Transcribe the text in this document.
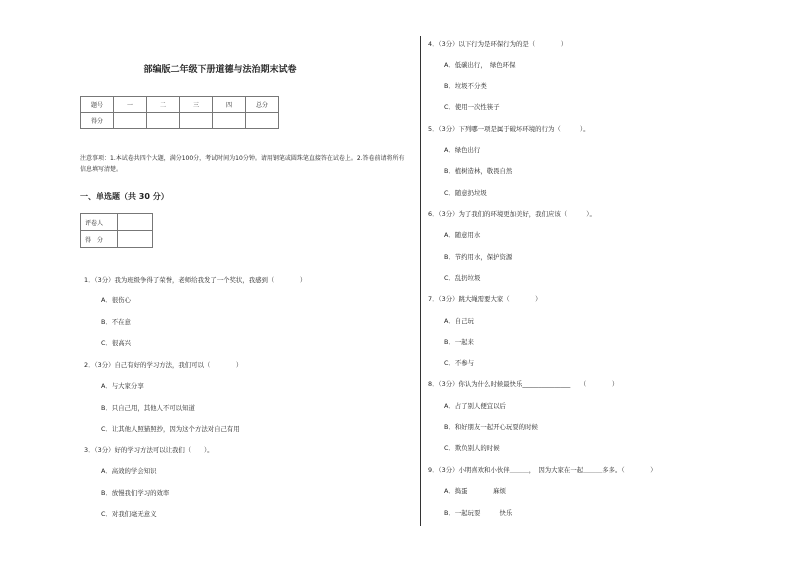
部编版二年级下册道德与法治期末试卷
题号	一	二	三	四	总分
得分					
注意事项：1.本试卷共四个大题，满分100分，考试时间为10分钟。请用钢笔或圆珠笔直接答在试卷上。2.答卷前请将所有信息填写清楚。
一、单选题（共 30 分）
评卷人	
得　分	
1．（3分）我为班级争得了荣誉，老师给我发了一个奖状，我感到（　　　　）
A．很伤心
B．不在意
C．很高兴
2．（3分）自己有好的学习方法，我们可以（　　　　）
A．与大家分享
B．只自己用，其他人不可以知道
C．让其他人照猫照抄，因为这个方法对自己有用
3．（3分）好的学习方法可以让我们（　　）。
A．高效的学会知识
B．放慢我们学习的效率
C．对我们毫无意义
4．（3分）以下行为是环保行为的是（　　　　）
A．低碳出行，　绿色环保
B．垃圾不分类
C．使用一次性筷子
5．（3分）下列哪一项是属于破坏环境的行为（　　　）。
A．绿色出行
B．植树造林，敬畏自然
C．随意扔垃圾
6．（3分）为了我们的环境更加美好，我们应该（　　　）。
A．随意用水
B．节约用水，保护资源
C．乱扔垃圾
7．（3分）跳大绳需要大家（　　　　）
A．自己玩
B．一起来
C．不参与
8．（3分）你认为什么时候最快乐_______________　　（　　　　）
A．占了别人便宜以后
B．和好朋友一起开心玩耍的时候
C．欺负别人的时候
9．（3分）小明喜欢和小伙伴＿＿＿，　因为大家在一起＿＿＿多多。（　　　　）
A．捣蛋　　　　麻烦
B．一起玩耍　　　快乐
